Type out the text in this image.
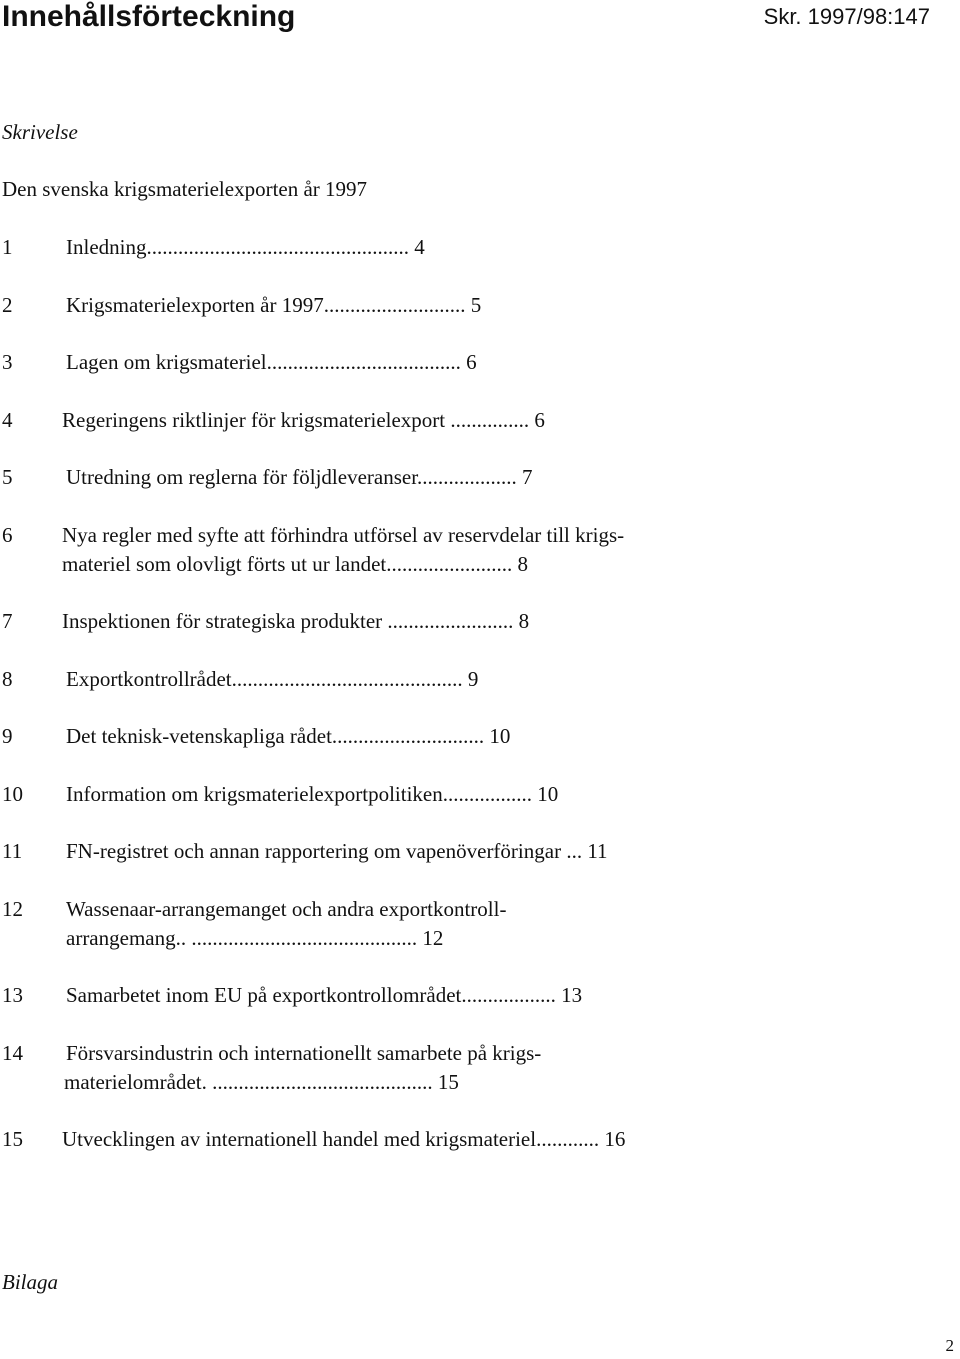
Innehållsförteckning	Skr. 1997/98:147
Skrivelse
Den svenska krigsmaterielexporten år 1997
1	Inledning.................................................. 4
2	Krigsmaterielexporten år 1997........................... 5
3	Lagen om krigsmateriel..................................... 6
4 Regeringens riktlinjer för krigsmaterielexport ............... 6
5	Utredning om reglerna för följdleveranser................... 7
6 Nya regler med syfte att förhindra utförsel av reservdelar till krigs-
materiel som olovligt förts ut ur landet........................ 8
7 Inspektionen för strategiska produkter ........................ 8
8	Exportkontrollrådet............................................ 9
9	Det teknisk-vetenskapliga rådet............................. 10
10 Information om krigsmaterielexportpolitiken................. 10
11 FN-registret och annan rapportering om vapenöverföringar ... 11
12 Wassenaar-arrangemanget och andra exportkontroll-
arrangemang.. ........................................... 12
13 Samarbetet inom EU på exportkontrollområdet.................. 13
14 Försvarsindustrin och internationellt samarbete på krigs-
materielområdet. .......................................... 15
15 Utvecklingen av internationell handel med krigsmateriel............ 16
Bilaga
2
